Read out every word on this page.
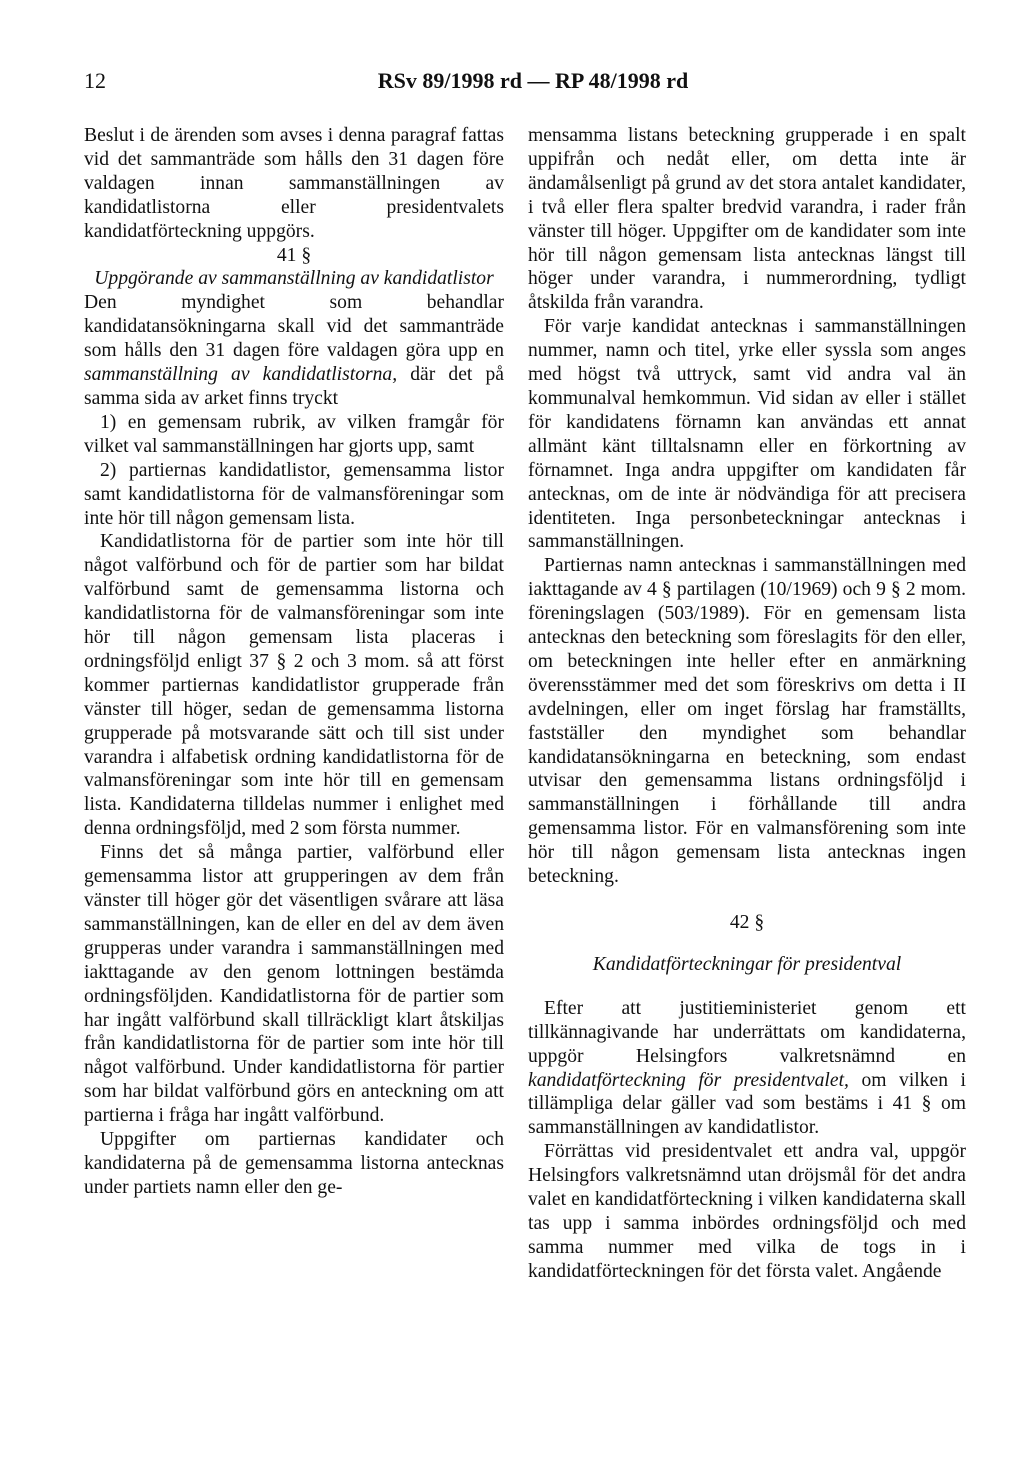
12	RSv 89/1998 rd — RP 48/1998 rd

Beslut i de ärenden som avses i denna paragraf fattas vid det sammanträde som hålls den 31 dagen före valdagen innan sammanställningen av kandidatlistorna eller presidentvalets kandidatförteckning uppgörs.

41 §

Uppgörande av sammanställning av kandidatlistor

Den myndighet som behandlar kandidatansökningarna skall vid det sammanträde som hålls den 31 dagen före valdagen göra upp en sammanställning av kandidatlistorna, där det på samma sida av arket finns tryckt

1) en gemensam rubrik, av vilken framgår för vilket val sammanställningen har gjorts upp, samt

2) partiernas kandidatlistor, gemensamma listor samt kandidatlistorna för de valmansföreningar som inte hör till någon gemensam lista.

Kandidatlistorna för de partier som inte hör till något valförbund och för de partier som har bildat valförbund samt de gemensamma listorna och kandidatlistorna för de valmansföreningar som inte hör till någon gemensam lista placeras i ordningsföljd enligt 37 § 2 och 3 mom. så att först kommer partiernas kandidatlistor grupperade från vänster till höger, sedan de gemensamma listorna grupperade på motsvarande sätt och till sist under varandra i alfabetisk ordning kandidatlistorna för de valmansföreningar som inte hör till en gemensam lista. Kandidaterna tilldelas nummer i enlighet med denna ordningsföljd, med 2 som första nummer.

Finns det så många partier, valförbund eller gemensamma listor att grupperingen av dem från vänster till höger gör det väsentligen svårare att läsa sammanställningen, kan de eller en del av dem även grupperas under varandra i sammanställningen med iakttagande av den genom lottningen bestämda ordningsföljden. Kandidatlistorna för de partier som har ingått valförbund skall tillräckligt klart åtskiljas från kandidatlistorna för de partier som inte hör till något valförbund. Under kandidatlistorna för partier som har bildat valförbund görs en anteckning om att partierna i fråga har ingått valförbund.

Uppgifter om partiernas kandidater och kandidaterna på de gemensamma listorna antecknas under partiets namn eller den ge-

mensamma listans beteckning grupperade i en spalt uppifrån och nedåt eller, om detta inte är ändamålsenligt på grund av det stora antalet kandidater, i två eller flera spalter bredvid varandra, i rader från vänster till höger. Uppgifter om de kandidater som inte hör till någon gemensam lista antecknas längst till höger under varandra, i nummerordning, tydligt åtskilda från varandra.

För varje kandidat antecknas i sammanställningen nummer, namn och titel, yrke eller syssla som anges med högst två uttryck, samt vid andra val än kommunalval hemkommun. Vid sidan av eller i stället för kandidatens förnamn kan användas ett annat allmänt känt tilltalsnamn eller en förkortning av förnamnet. Inga andra uppgifter om kandidaten får antecknas, om de inte är nödvändiga för att precisera identiteten. Inga personbeteckningar antecknas i sammanställningen.

Partiernas namn antecknas i sammanställningen med iakttagande av 4 § partilagen (10/1969) och 9 § 2 mom. föreningslagen (503/1989). För en gemensam lista antecknas den beteckning som föreslagits för den eller, om beteckningen inte heller efter en anmärkning överensstämmer med det som föreskrivs om detta i II avdelningen, eller om inget förslag har framställts, fastställer den myndighet som behandlar kandidatansökningarna en beteckning, som endast utvisar den gemensamma listans ordningsföljd i sammanställningen i förhållande till andra gemensamma listor. För en valmansförening som inte hör till någon gemensam lista antecknas ingen beteckning.

42 §

Kandidatförteckningar för presidentval

Efter att justitieministeriet genom ett tillkännagivande har underrättats om kandidaterna, uppgör Helsingfors valkretsnämnd en kandidatförteckning för presidentvalet, om vilken i tillämpliga delar gäller vad som bestäms i 41 § om sammanställningen av kandidatlistor.

Förrättas vid presidentvalet ett andra val, uppgör Helsingfors valkretsnämnd utan dröjsmål för det andra valet en kandidatförteckning i vilken kandidaterna skall tas upp i samma inbördes ordningsföljd och med samma nummer med vilka de togs in i kandidatförteckningen för det första valet. Angående
